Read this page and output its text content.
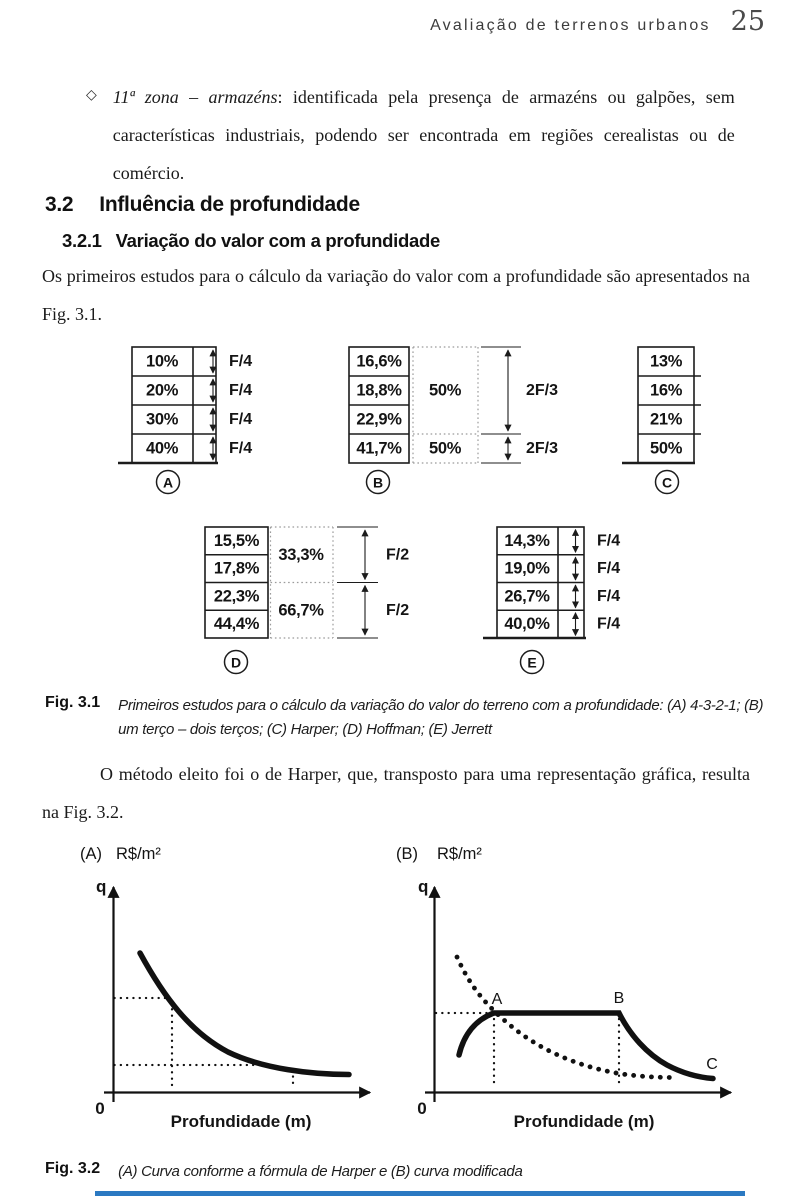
Avaliação de terrenos urbanos 25
◇ 11ª zona – armazéns: identificada pela presença de armazéns ou galpões, sem características industriais, podendo ser encontrada em regiões cerealistas ou de comércio.

3.2 Influência de profundidade
3.2.1 Variação do valor com a profundidade

Os primeiros estudos para o cálculo da variação do valor com a profundidade são apresentados na Fig. 3.1.

10%
20%
30%
40%
F/4
F/4
F/4
F/4
A
16,6%
18,8%
22,9%
41,7%
50%
50%
2F/3
2F/3
B
13%
16%
21%
50%
C
15,5%
17,8%
22,3%
44,4%
33,3%
66,7%
F/2
F/2
D
14,3%
19,0%
26,7%
40,0%
F/4
F/4
F/4
F/4
E
Fig. 3.1 Primeiros estudos para o cálculo da variação do valor do terreno com a profundidade: (A) 4-3-2-1; (B) um terço – dois terços; (C) Harper; (D) Hoffman; (E) Jerrett

O método eleito foi o de Harper, que, transposto para uma representação gráfica, resulta na Fig. 3.2.

(A) R$/m²
q
0
Profundidade (m)
(B) R$/m²
q
0
Profundidade (m)
A	B
C
Fig. 3.2 (A) Curva conforme a fórmula de Harper e (B) curva modificada
